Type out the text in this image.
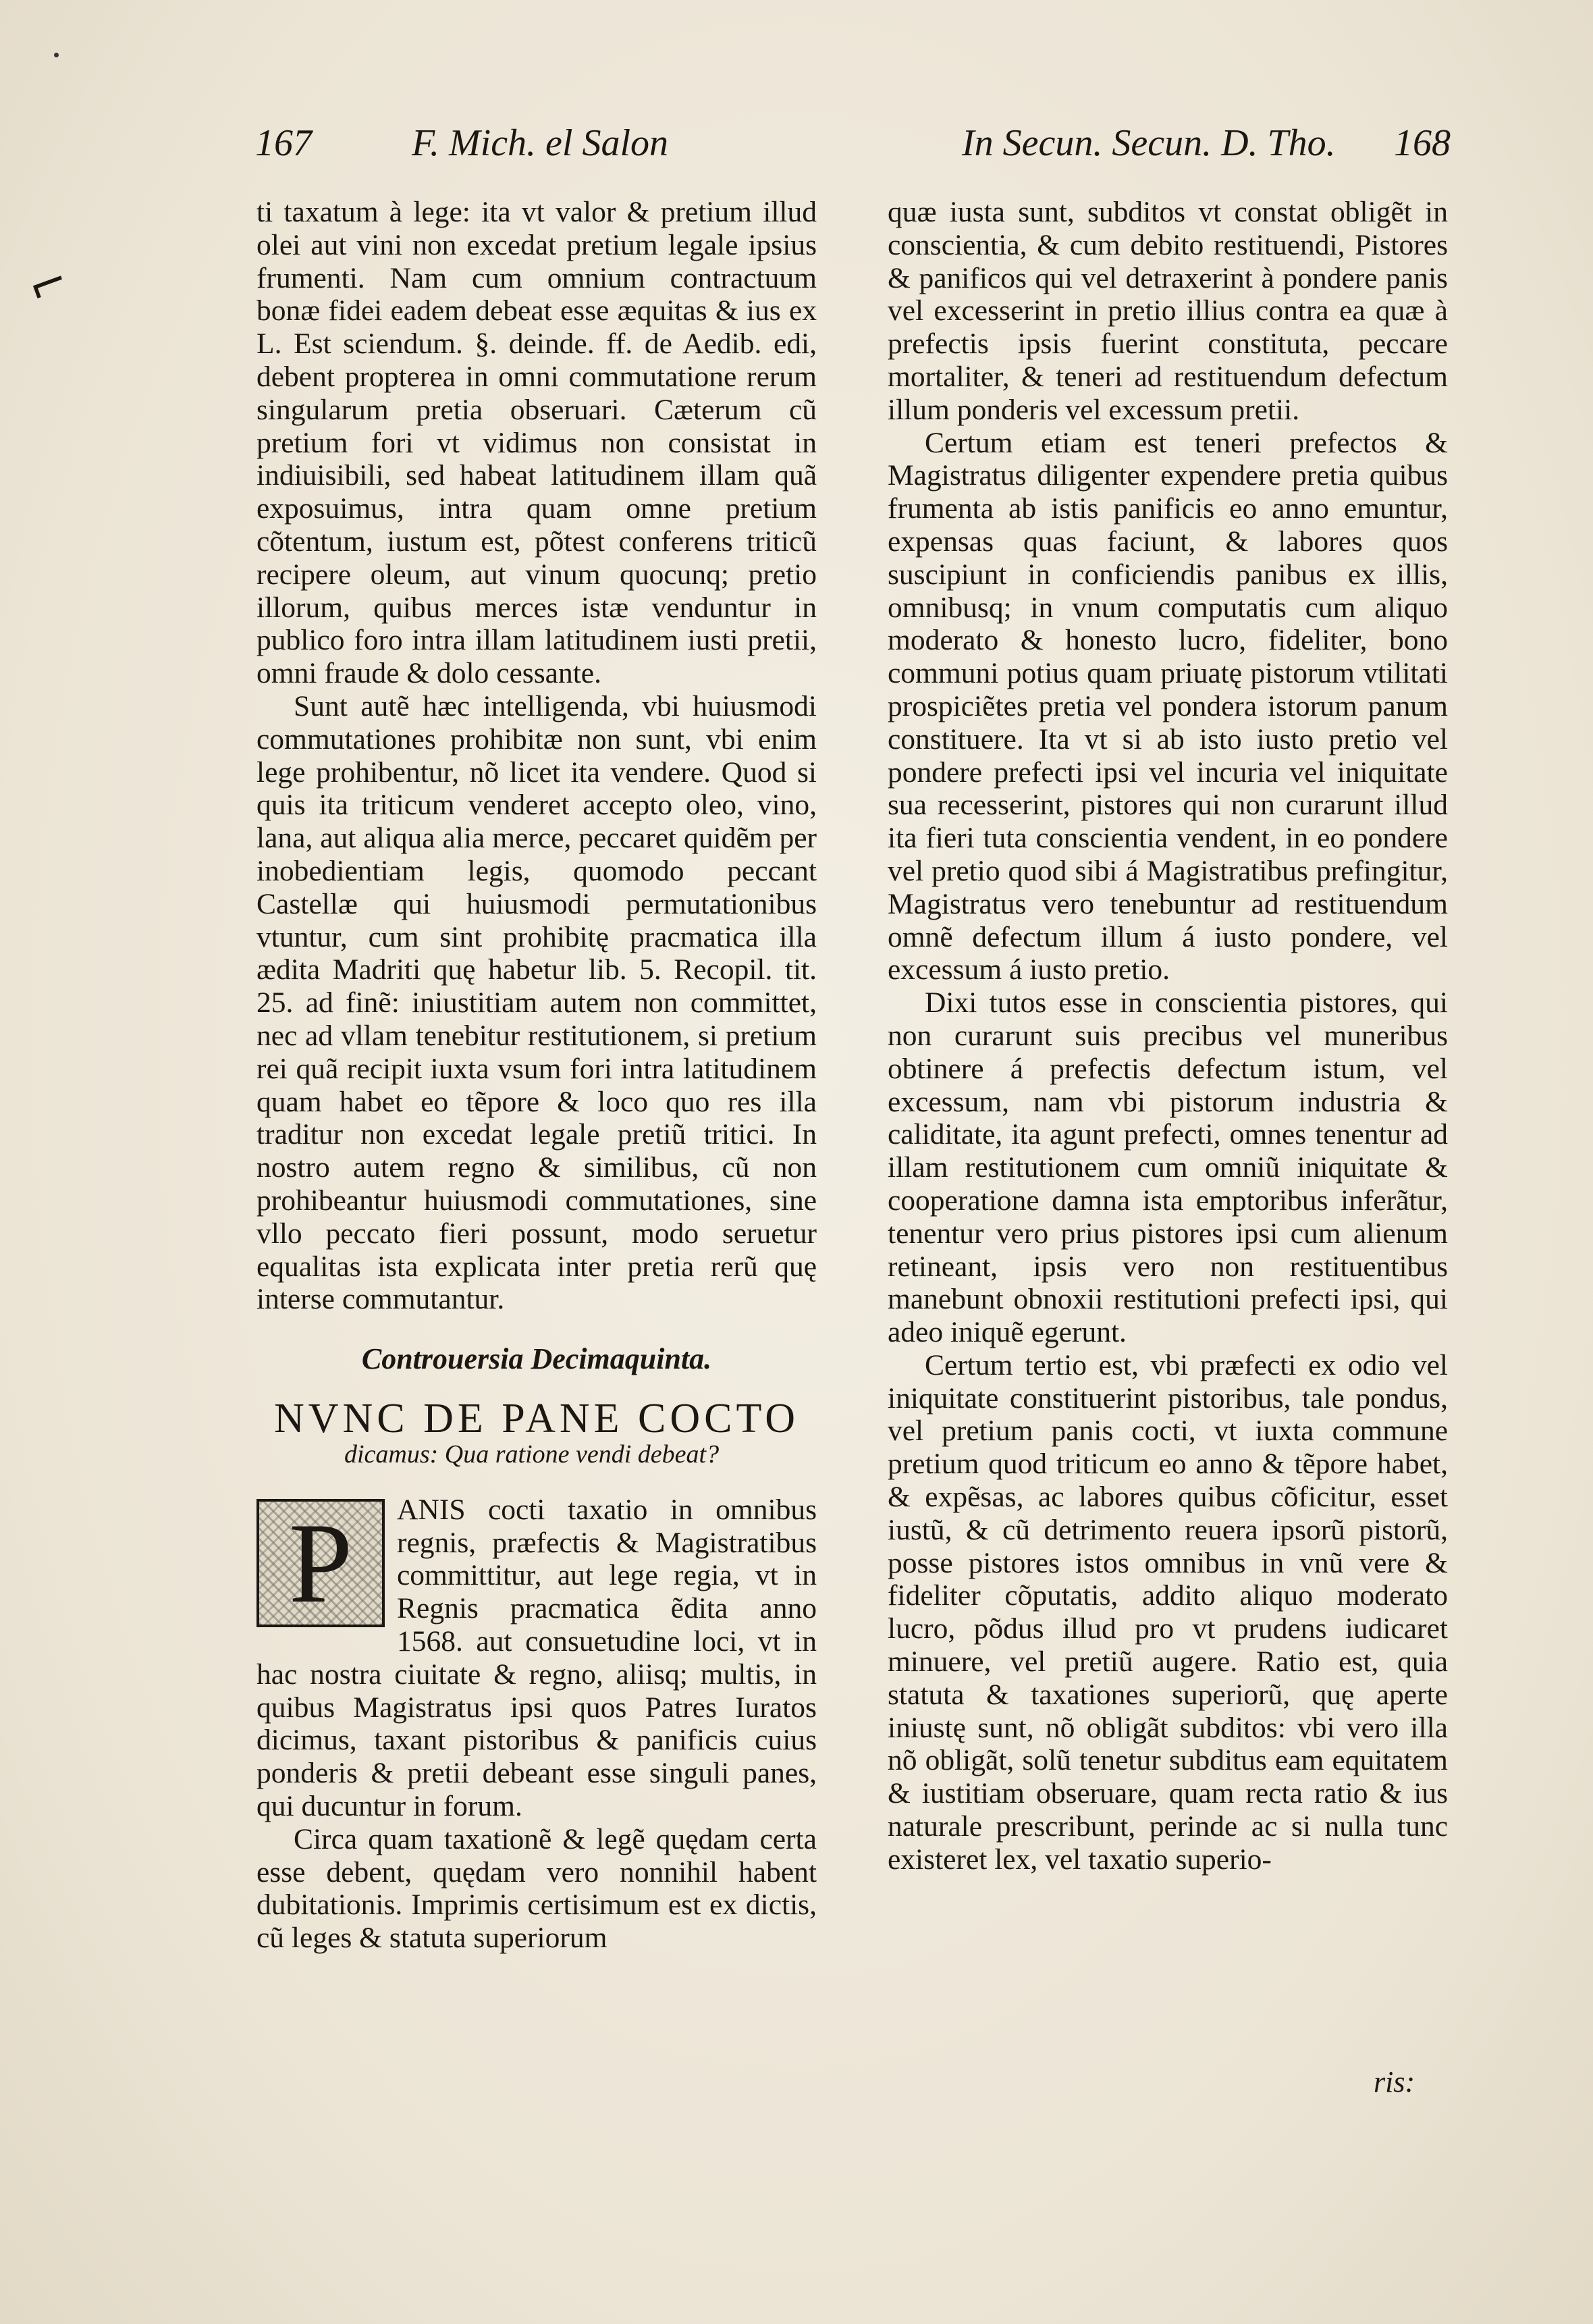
⌐
167	F. Mich. el Salon	In Secun. Secun. D. Tho. 168

ti taxatum à lege: ita vt valor & pretium illud olei aut vini non excedat pretium legale ipsius frumenti. Nam cum omnium contractuum bonæ fidei eadem debeat esse æquitas & ius ex L. Est sciendum. §. deinde. ff. de Aedib. edi, debent propterea in omni commutatione rerum singularum pretia obseruari. Cæterum cũ pretium fori vt vidimus non consistat in indiuisibili, sed habeat latitudinem illam quã exposuimus, intra quam omne pretium cõtentum, iustum est, põtest conferens triticũ recipere oleum, aut vinum quocunq; pretio illorum, quibus merces istæ venduntur in publico foro intra illam latitudinem iusti pretii, omni fraude & dolo cessante.

Sunt autẽ hæc intelligenda, vbi huiusmodi commutationes prohibitæ non sunt, vbi enim lege prohibentur, nõ licet ita vendere. Quod si quis ita triticum venderet accepto oleo, vino, lana, aut aliqua alia merce, peccaret quidẽm per inobedientiam legis, quomodo peccant Castellæ qui huiusmodi permutationibus vtuntur, cum sint prohibitę pracmatica illa ædita Madriti quę habetur lib. 5. Recopil. tit. 25. ad finẽ: iniustitiam autem non committet, nec ad vllam tenebitur restitutionem, si pretium rei quã recipit iuxta vsum fori intra latitudinem quam habet eo tẽpore & loco quo res illa traditur non excedat legale pretiũ tritici. In nostro autem regno & similibus, cũ non prohibeantur huiusmodi commutationes, sine vllo peccato fieri possunt, modo seruetur equalitas ista explicata inter pretia rerũ quę interse commutantur.

Controuersia Decimaquinta.
NVNC DE PANE COCTO
dicamus: Qua ratione vendi debeat?
P	ANIS cocti taxatio in omnibus regnis, præfectis & Magistratibus committitur, aut lege regia, vt in Regnis pracmatica ẽdita anno 1568. aut consuetudine loci, vt in hac nostra ciuitate & regno, aliisq; multis, in quibus Magistratus ipsi quos Patres Iuratos dicimus, taxant pistoribus & panificis cuius ponderis & pretii debeant esse singuli panes, qui ducuntur in forum.

Circa quam taxationẽ & legẽ quędam certa esse debent, quędam vero nonnihil habent dubitationis. Imprimis certisimum est ex dictis, cũ leges & statuta superiorum

quæ iusta sunt, subditos vt constat obligẽt in conscientia, & cum debito restituendi, Pistores & panificos qui vel detraxerint à pondere panis vel excesserint in pretio illius contra ea quæ à prefectis ipsis fuerint constituta, peccare mortaliter, & teneri ad restituendum defectum illum ponderis vel excessum pretii.

Certum etiam est teneri prefectos & Magistratus diligenter expendere pretia quibus frumenta ab istis panificis eo anno emuntur, expensas quas faciunt, & labores quos suscipiunt in conficiendis panibus ex illis, omnibusq; in vnum computatis cum aliquo moderato & honesto lucro, fideliter, bono communi potius quam priuatę pistorum vtilitati prospiciẽtes pretia vel pondera istorum panum constituere. Ita vt si ab isto iusto pretio vel pondere prefecti ipsi vel incuria vel iniquitate sua recesserint, pistores qui non curarunt illud ita fieri tuta conscientia vendent, in eo pondere vel pretio quod sibi á Magistratibus prefingitur, Magistratus vero tenebuntur ad restituendum omnẽ defectum illum á iusto pondere, vel excessum á iusto pretio.

Dixi tutos esse in conscientia pistores, qui non curarunt suis precibus vel muneribus obtinere á prefectis defectum istum, vel excessum, nam vbi pistorum industria & caliditate, ita agunt prefecti, omnes tenentur ad illam restitutionem cum omniũ iniquitate & cooperatione damna ista emptoribus inferãtur, tenentur vero prius pistores ipsi cum alienum retineant, ipsis vero non restituentibus manebunt obnoxii restitutioni prefecti ipsi, qui adeo iniquẽ egerunt.

Certum tertio est, vbi præfecti ex odio vel iniquitate constituerint pistoribus, tale pondus, vel pretium panis cocti, vt iuxta commune pretium quod triticum eo anno & tẽpore habet, & expẽsas, ac labores quibus cõficitur, esset iustũ, & cũ detrimento reuera ipsorũ pistorũ, posse pistores istos omnibus in vnũ vere & fideliter cõputatis, addito aliquo moderato lucro, põdus illud pro vt prudens iudicaret minuere, vel pretiũ augere. Ratio est, quia statuta & taxationes superiorũ, quę aperte iniustę sunt, nõ obligãt subditos: vbi vero illa nõ obligãt, solũ tenetur subditus eam equitatem & iustitiam obseruare, quam recta ratio & ius naturale prescribunt, perinde ac si nulla tunc existeret lex, vel taxatio superio-

ris:
